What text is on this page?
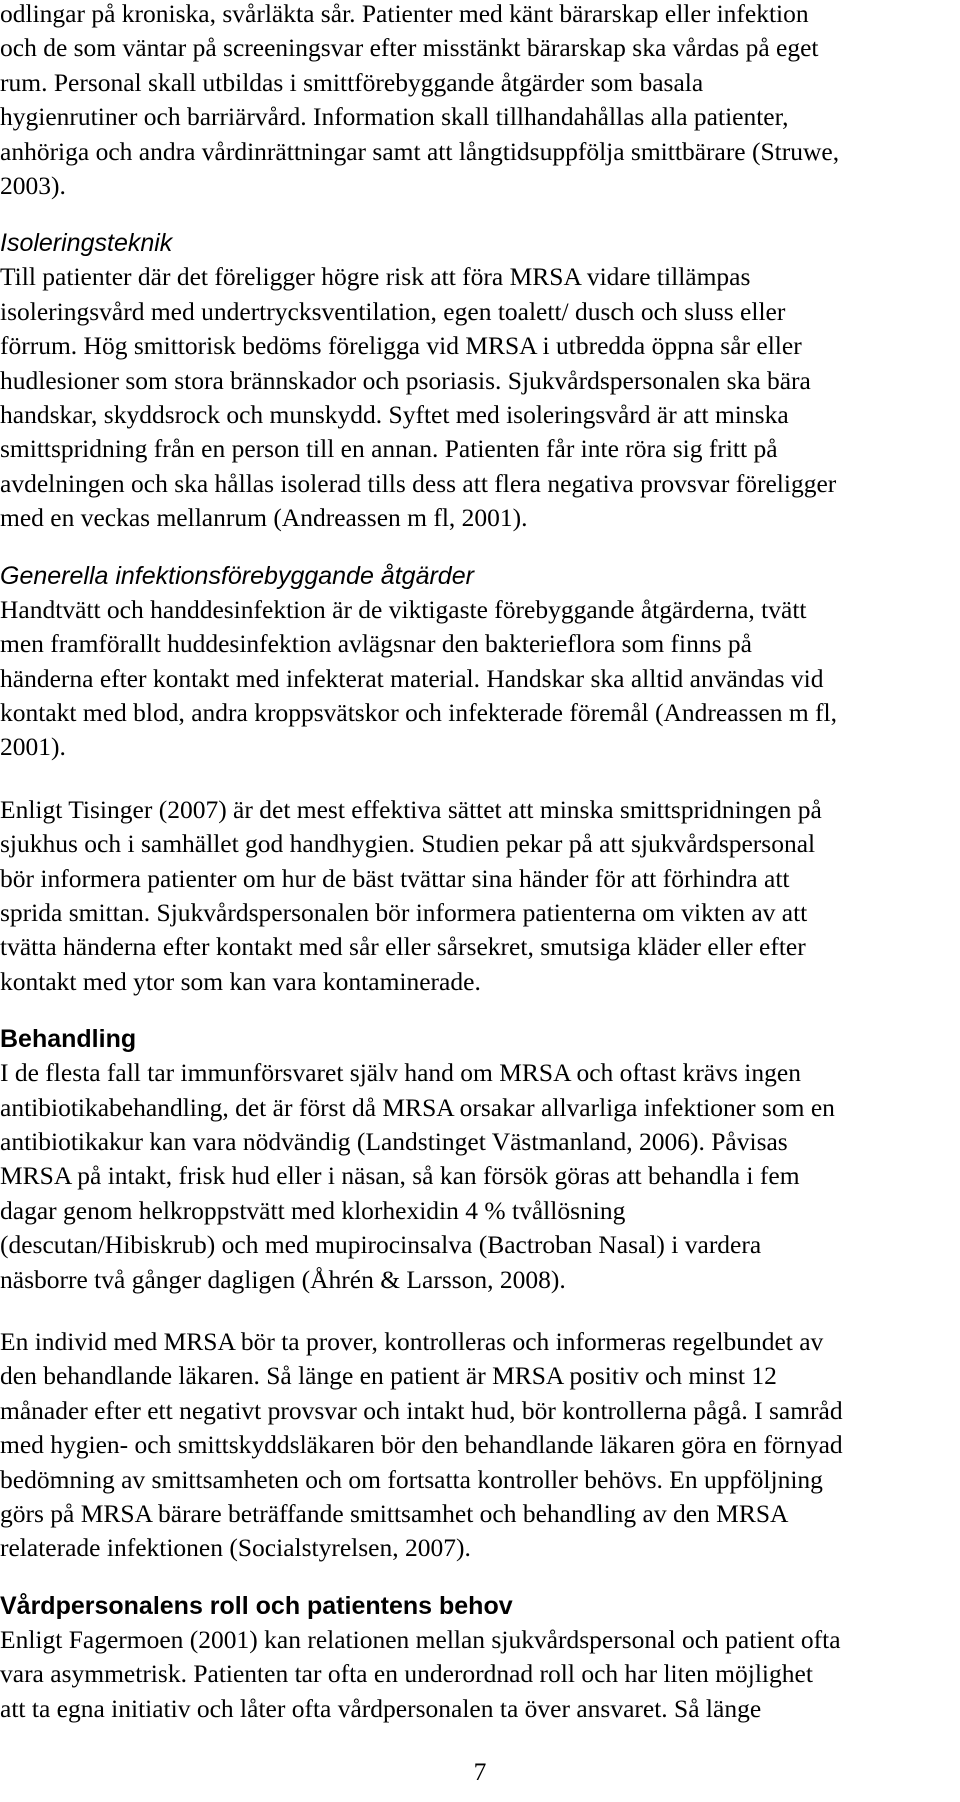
odlingar på kroniska, svårläkta sår. Patienter med känt bärarskap eller infektion
och de som väntar på screeningsvar efter misstänkt bärarskap ska vårdas på eget
rum. Personal skall utbildas i smittförebyggande åtgärder som basala
hygienrutiner och barriärvård. Information skall tillhandahållas alla patienter,
anhöriga och andra vårdinrättningar samt att långtidsuppfölja smittbärare (Struwe,
2003).

Isoleringsteknik

Till patienter där det föreligger högre risk att föra MRSA vidare tillämpas
isoleringsvård med undertrycksventilation, egen toalett/ dusch och sluss eller
förrum. Hög smittorisk bedöms föreligga vid MRSA i utbredda öppna sår eller
hudlesioner som stora brännskador och psoriasis. Sjukvårdspersonalen ska bära
handskar, skyddsrock och munskydd. Syftet med isoleringsvård är att minska
smittspridning från en person till en annan. Patienten får inte röra sig fritt på
avdelningen och ska hållas isolerad tills dess att flera negativa provsvar föreligger
med en veckas mellanrum (Andreassen m fl, 2001).

Generella infektionsförebyggande åtgärder

Handtvätt och handdesinfektion är de viktigaste förebyggande åtgärderna, tvätt
men framförallt huddesinfektion avlägsnar den bakterieflora som finns på
händerna efter kontakt med infekterat material. Handskar ska alltid användas vid
kontakt med blod, andra kroppsvätskor och infekterade föremål (Andreassen m fl,
2001).

Enligt Tisinger (2007) är det mest effektiva sättet att minska smittspridningen på
sjukhus och i samhället god handhygien. Studien pekar på att sjukvårdspersonal
bör informera patienter om hur de bäst tvättar sina händer för att förhindra att
sprida smittan. Sjukvårdspersonalen bör informera patienterna om vikten av att
tvätta händerna efter kontakt med sår eller sårsekret, smutsiga kläder eller efter
kontakt med ytor som kan vara kontaminerade.

Behandling

I de flesta fall tar immunförsvaret själv hand om MRSA och oftast krävs ingen
antibiotikabehandling, det är först då MRSA orsakar allvarliga infektioner som en
antibiotikakur kan vara nödvändig (Landstinget Västmanland, 2006). Påvisas
MRSA på intakt, frisk hud eller i näsan, så kan försök göras att behandla i fem
dagar genom helkroppstvätt med klorhexidin 4 % tvållösning
(descutan/Hibiskrub) och med mupirocinsalva (Bactroban Nasal) i vardera
näsborre två gånger dagligen (Åhrén & Larsson, 2008).

En individ med MRSA bör ta prover, kontrolleras och informeras regelbundet av
den behandlande läkaren. Så länge en patient är MRSA positiv och minst 12
månader efter ett negativt provsvar och intakt hud, bör kontrollerna pågå. I samråd
med hygien- och smittskyddsläkaren bör den behandlande läkaren göra en förnyad
bedömning av smittsamheten och om fortsatta kontroller behövs. En uppföljning
görs på MRSA bärare beträffande smittsamhet och behandling av den MRSA
relaterade infektionen (Socialstyrelsen, 2007).

Vårdpersonalens roll och patientens behov

Enligt Fagermoen (2001) kan relationen mellan sjukvårdspersonal och patient ofta
vara asymmetrisk. Patienten tar ofta en underordnad roll och har liten möjlighet
att ta egna initiativ och låter ofta vårdpersonalen ta över ansvaret. Så länge

7
